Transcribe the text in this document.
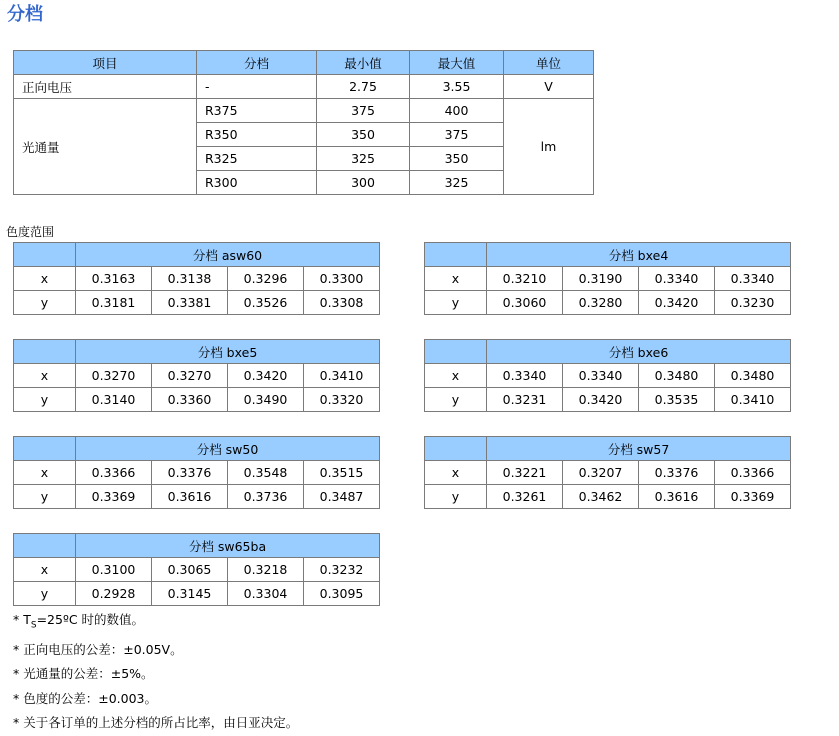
分档
项目	分档	最小值	最大值	单位
正向电压	-	2.75	3.55	V
光通量	R375	375	400	lm
	R350	350	375	
	R325	325	350	
	R300	300	325	
色度范围
	分档 asw60			
x	0.3163	0.3138	0.3296	0.3300
y	0.3181	0.3381	0.3526	0.3308
	分档 bxe4			
x	0.3210	0.3190	0.3340	0.3340
y	0.3060	0.3280	0.3420	0.3230
	分档 bxe5			
x	0.3270	0.3270	0.3420	0.3410
y	0.3140	0.3360	0.3490	0.3320
	分档 bxe6			
x	0.3340	0.3340	0.3480	0.3480
y	0.3231	0.3420	0.3535	0.3410
	分档 sw50			
x	0.3366	0.3376	0.3548	0.3515
y	0.3369	0.3616	0.3736	0.3487
	分档 sw57			
x	0.3221	0.3207	0.3376	0.3366
y	0.3261	0.3462	0.3616	0.3369
	分档 sw65ba			
x	0.3100	0.3065	0.3218	0.3232
y	0.2928	0.3145	0.3304	0.3095
* $T_S=25ºC$ 时的数值。
* 正向电压的公差：±0.05V。
* 光通量的公差：±5%。
* 色度的公差：±0.003。
* 关于各订单的上述分档的所占比率，由日亚决定。
